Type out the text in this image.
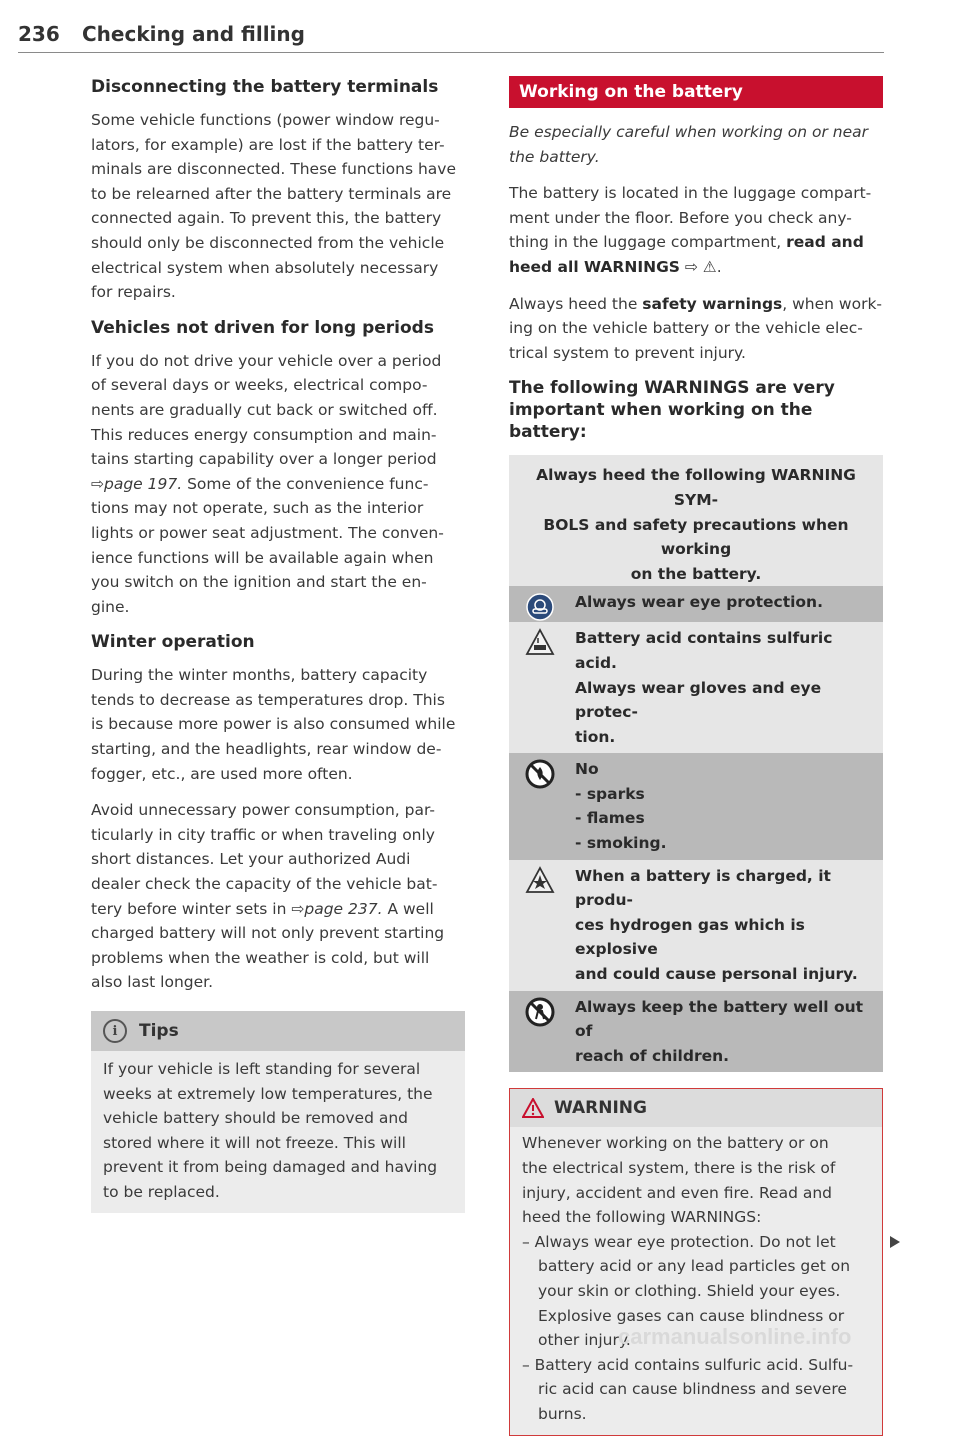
236 Checking and filling
Disconnecting the battery terminals

Some vehicle functions (power window regu-
lators, for example) are lost if the battery ter-
minals are disconnected. These functions have
to be relearned after the battery terminals are
connected again. To prevent this, the battery
should only be disconnected from the vehicle
electrical system when absolutely necessary
for repairs.

Vehicles not driven for long periods

If you do not drive your vehicle over a period
of several days or weeks, electrical compo-
nents are gradually cut back or switched off.
This reduces energy consumption and main-
tains starting capability over a longer period
⇨page 197. Some of the convenience func-
tions may not operate, such as the interior
lights or power seat adjustment. The conven-
ience functions will be available again when
you switch on the ignition and start the en-
gine.

Winter operation

During the winter months, battery capacity
tends to decrease as temperatures drop. This
is because more power is also consumed while
starting, and the headlights, rear window de-
fogger, etc., are used more often.

Avoid unnecessary power consumption, par-
ticularly in city traffic or when traveling only
short distances. Let your authorized Audi
dealer check the capacity of the vehicle bat-
tery before winter sets in ⇨page 237. A well
charged battery will not only prevent starting
problems when the weather is cold, but will
also last longer.

i	Tips

If your vehicle is left standing for several
weeks at extremely low temperatures, the
vehicle battery should be removed and
stored where it will not freeze. This will
prevent it from being damaged and having
to be replaced.

Working on the battery

Be especially careful when working on or near
the battery.

The battery is located in the luggage compart-
ment under the floor. Before you check any-
thing in the luggage compartment, read and
heed all WARNINGS ⇨ ⚠.

Always heed the safety warnings, when work-
ing on the vehicle battery or the vehicle elec-
trical system to prevent injury.

The following WARNINGS are very
important when working on the battery:
Always heed the following WARNING SYM-
BOLS and safety precautions when working
on the battery.
Always wear eye protection.
Battery acid contains sulfuric acid.
Always wear gloves and eye protec-
tion.
No
- sparks
- flames
- smoking.
When a battery is charged, it produ-
ces hydrogen gas which is explosive
and could cause personal injury.
Always keep the battery well out of
reach of children.
WARNING

Whenever working on the battery or on
the electrical system, there is the risk of
injury, accident and even fire. Read and
heed the following WARNINGS:

– Always wear eye protection. Do not let
battery acid or any lead particles get on
your skin or clothing. Shield your eyes.
Explosive gases can cause blindness or
other injury.
– Battery acid contains sulfuric acid. Sulfu-
ric acid can cause blindness and severe
burns.
carmanualsonline.info
